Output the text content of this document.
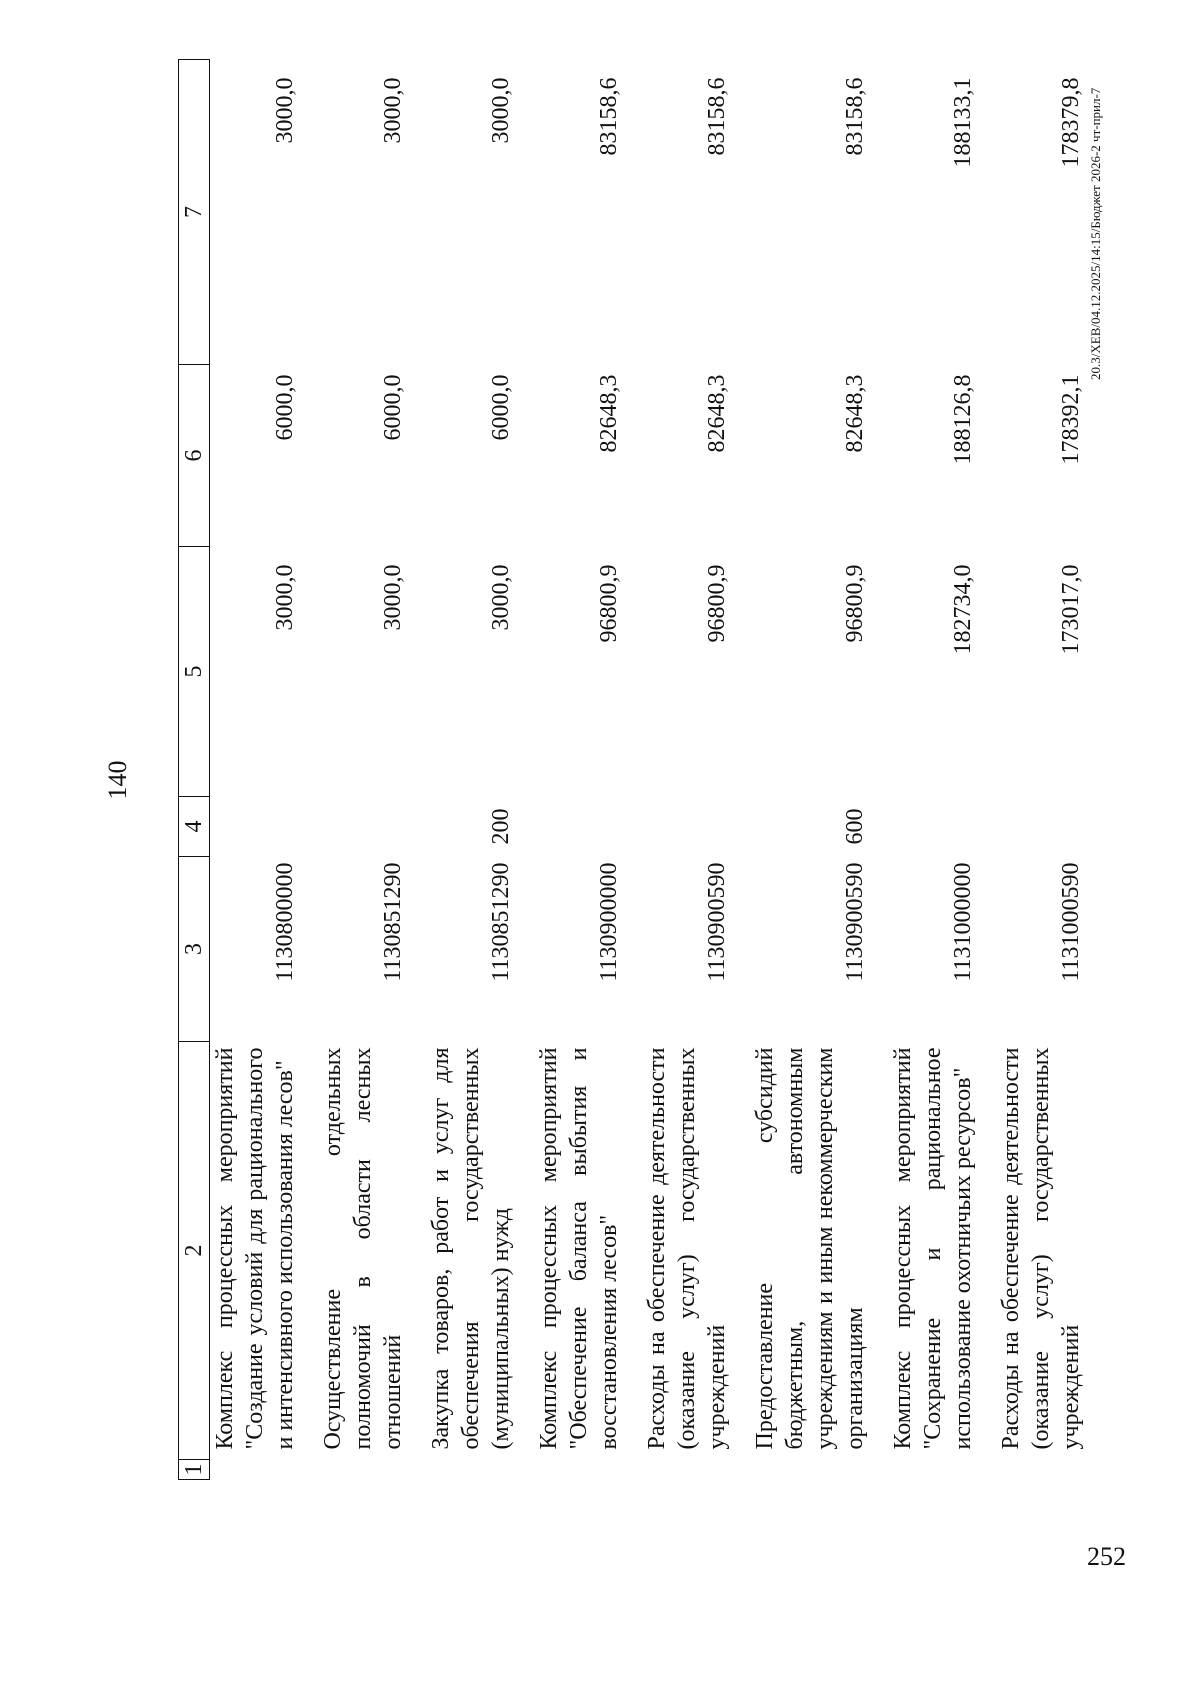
140
1	2	3	4	5	6	7
	Комплекс процессных мероприятий "Создание условий для рационального и интенсивного использования лесов"	1130800000		3000,0	6000,0	3000,0

	Осуществление отдельных полномочий в области лесных отношений	1130851290		3000,0	6000,0	3000,0

	Закупка товаров, работ и услуг для обеспечения государственных (муниципальных) нужд	1130851290	200	3000,0	6000,0	3000,0

	Комплекс процессных мероприятий "Обеспечение баланса выбытия и восстановления лесов"	1130900000		96800,9	82648,3	83158,6

	Расходы на обеспечение деятельности (оказание услуг) государственных учреждений	1130900590		96800,9	82648,3	83158,6

	Предоставление субсидий бюджетным, автономным учреждениям и иным некоммерческим организациям	1130900590	600	96800,9	82648,3	83158,6

	Комплекс процессных мероприятий "Сохранение и рациональное использование охотничьих ресурсов"	1131000000		182734,0	188126,8	188133,1

	Расходы на обеспечение деятельности (оказание услуг) государственных учреждений	1131000590		173017,0	178392,1	178379,8 20.3/XEB/04.12.2025/14:15/Бюджет 2026-2 чт-прил-7
252
